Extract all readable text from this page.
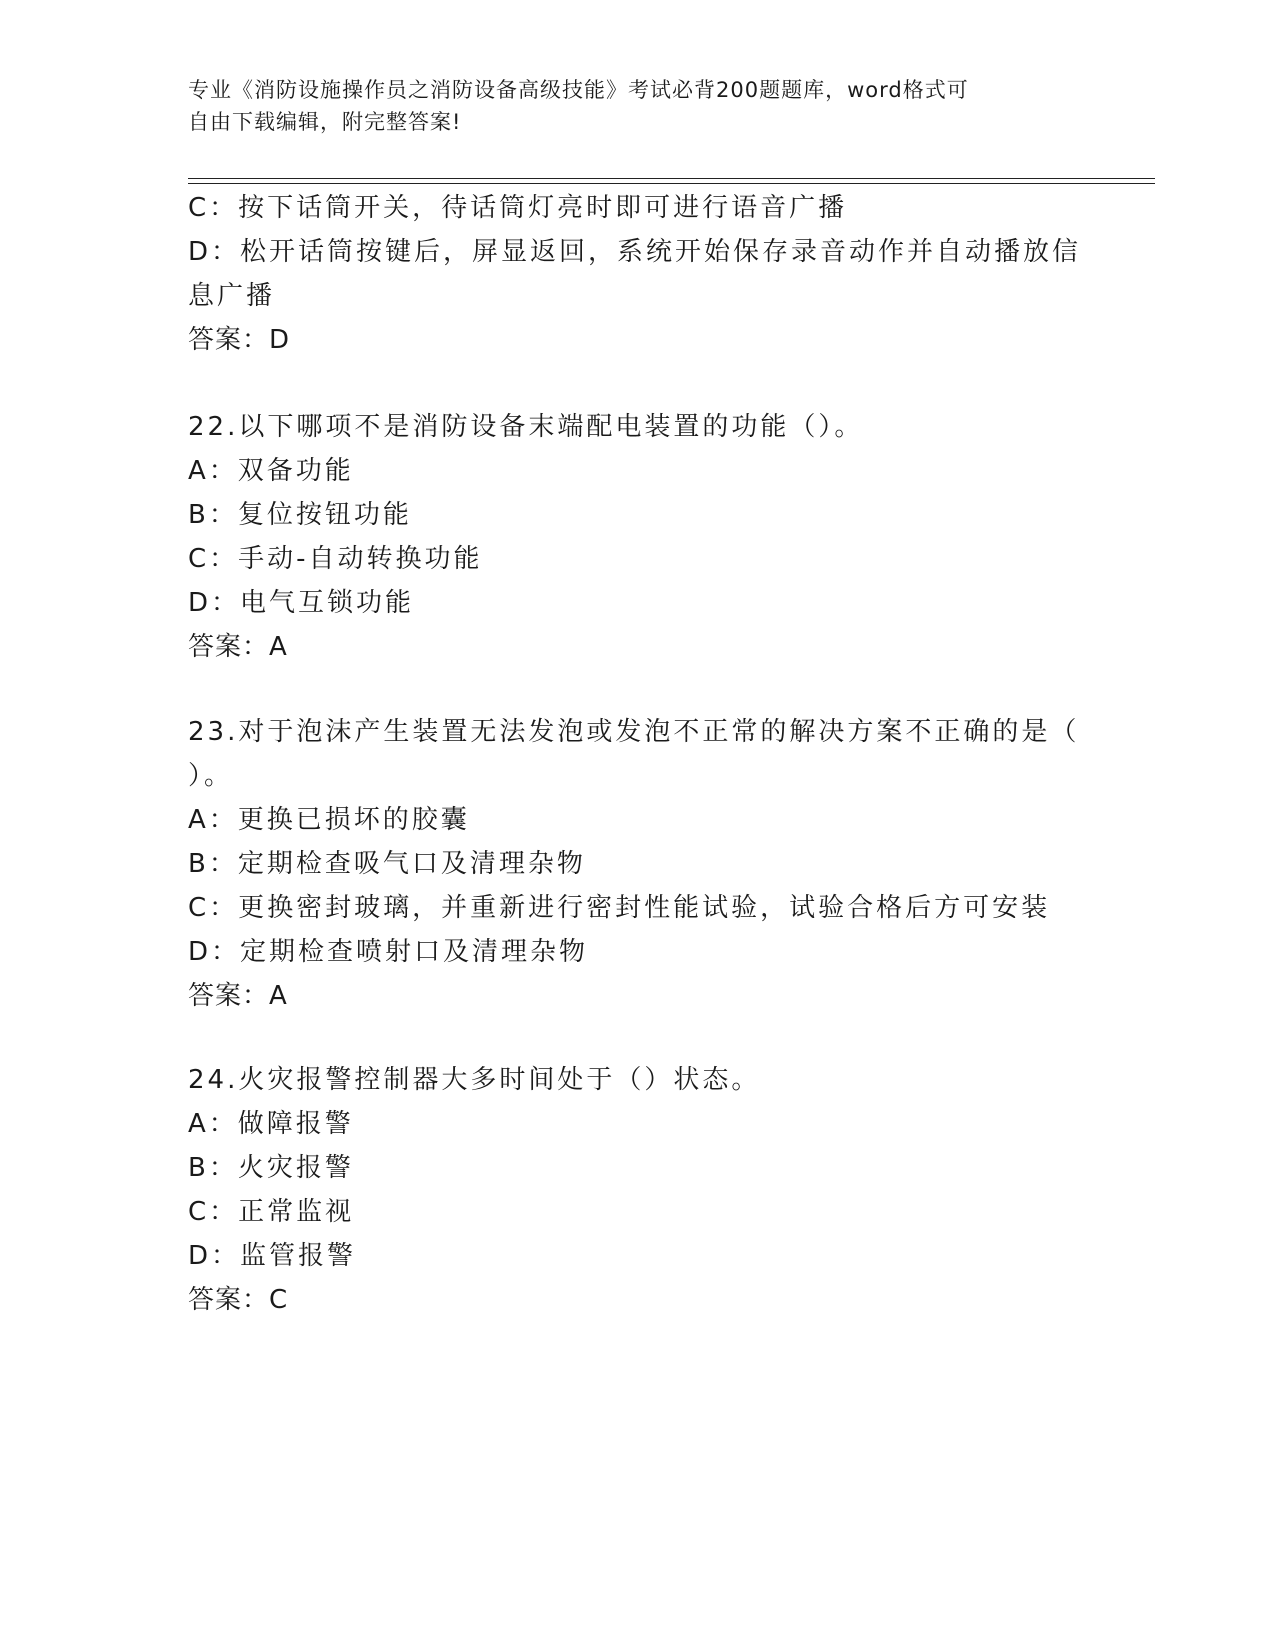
专业《消防设施操作员之消防设备高级技能》考试必背200题题库，word格式可
自由下载编辑，附完整答案!
C：按下话筒开关，待话筒灯亮时即可进行语音广播
D：松开话筒按键后，屏显返回，系统开始保存录音动作并自动播放信
息广播
答案：D
22.以下哪项不是消防设备末端配电装置的功能（）。
A：双备功能
B：复位按钮功能
C：手动-自动转换功能
D：电气互锁功能
答案：A
23.对于泡沫产生装置无法发泡或发泡不正常的解决方案不正确的是（
）。
A：更换已损坏的胶囊
B：定期检查吸气口及清理杂物
C：更换密封玻璃，并重新进行密封性能试验，试验合格后方可安装
D：定期检查喷射口及清理杂物
答案：A
24.火灾报警控制器大多时间处于（）状态。
A：做障报警
B：火灾报警
C：正常监视
D：监管报警
答案：C
